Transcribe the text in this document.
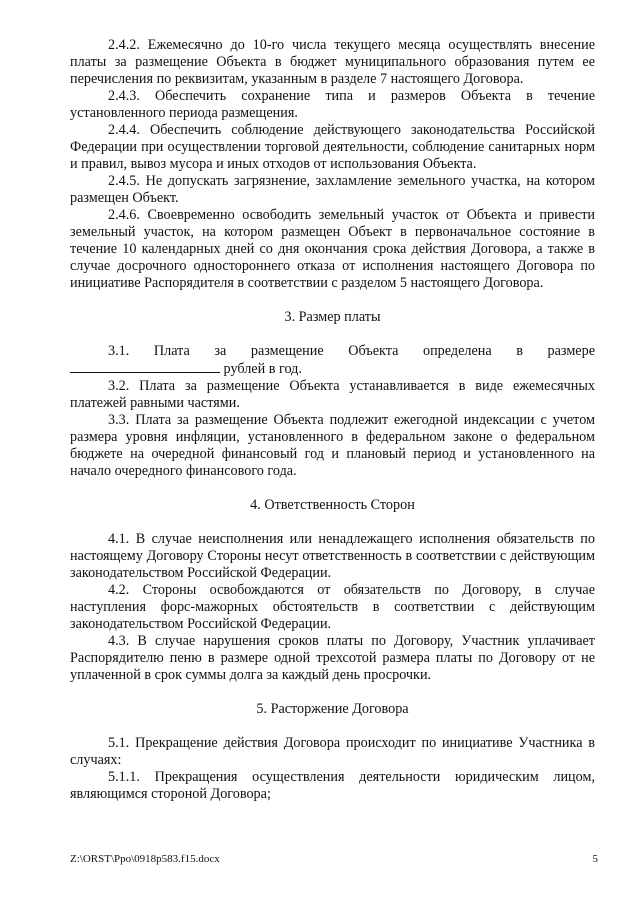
2.4.2. Ежемесячно до 10-го числа текущего месяца осуществлять внесение платы за размещение Объекта в бюджет муниципального образования путем ее перечисления по реквизитам, указанным в разделе 7 настоящего Договора.

2.4.3. Обеспечить сохранение типа и размеров Объекта в течение установленного периода размещения.

2.4.4. Обеспечить соблюдение действующего законодательства Российской Федерации при осуществлении торговой деятельности, соблюдение санитарных норм и правил, вывоз мусора и иных отходов от использования Объекта.

2.4.5. Не допускать загрязнение, захламление земельного участка, на котором размещен Объект.

2.4.6. Своевременно освободить земельный участок от Объекта и привести земельный участок, на котором размещен Объект в первоначальное состояние в течение 10 календарных дней со дня окончания срока действия Договора, а также в случае досрочного одностороннего отказа от исполнения настоящего Договора по инициативе Распорядителя в соответствии с разделом 5 настоящего Договора.

3. Размер платы

3.1. Плата за размещение Объекта определена в размере  рублей в год.

3.2. Плата за размещение Объекта устанавливается в виде ежемесячных платежей равными частями.

3.3. Плата за размещение Объекта подлежит ежегодной индексации с учетом размера уровня инфляции, установленного в федеральном законе о федеральном бюджете на очередной финансовый год и плановый период и установленного на начало очередного финансового года.

4. Ответственность Сторон

4.1. В случае неисполнения или ненадлежащего исполнения обязательств по настоящему Договору Стороны несут ответственность в соответствии с действующим законодательством Российской Федерации.

4.2. Стороны освобождаются от обязательств по Договору, в случае наступления форс-мажорных обстоятельств в соответствии с действующим законодательством Российской Федерации.

4.3. В случае нарушения сроков платы по Договору, Участник уплачивает Распорядителю пеню в размере одной трехсотой размера платы по Договору от не уплаченной в срок суммы долга за каждый день просрочки.

5. Расторжение Договора

5.1. Прекращение действия Договора происходит по инициативе Участника в случаях:

5.1.1. Прекращения осуществления деятельности юридическим лицом, являющимся стороной Договора;

Z:\ORST\Ppo\0918p583.f15.docx	5
